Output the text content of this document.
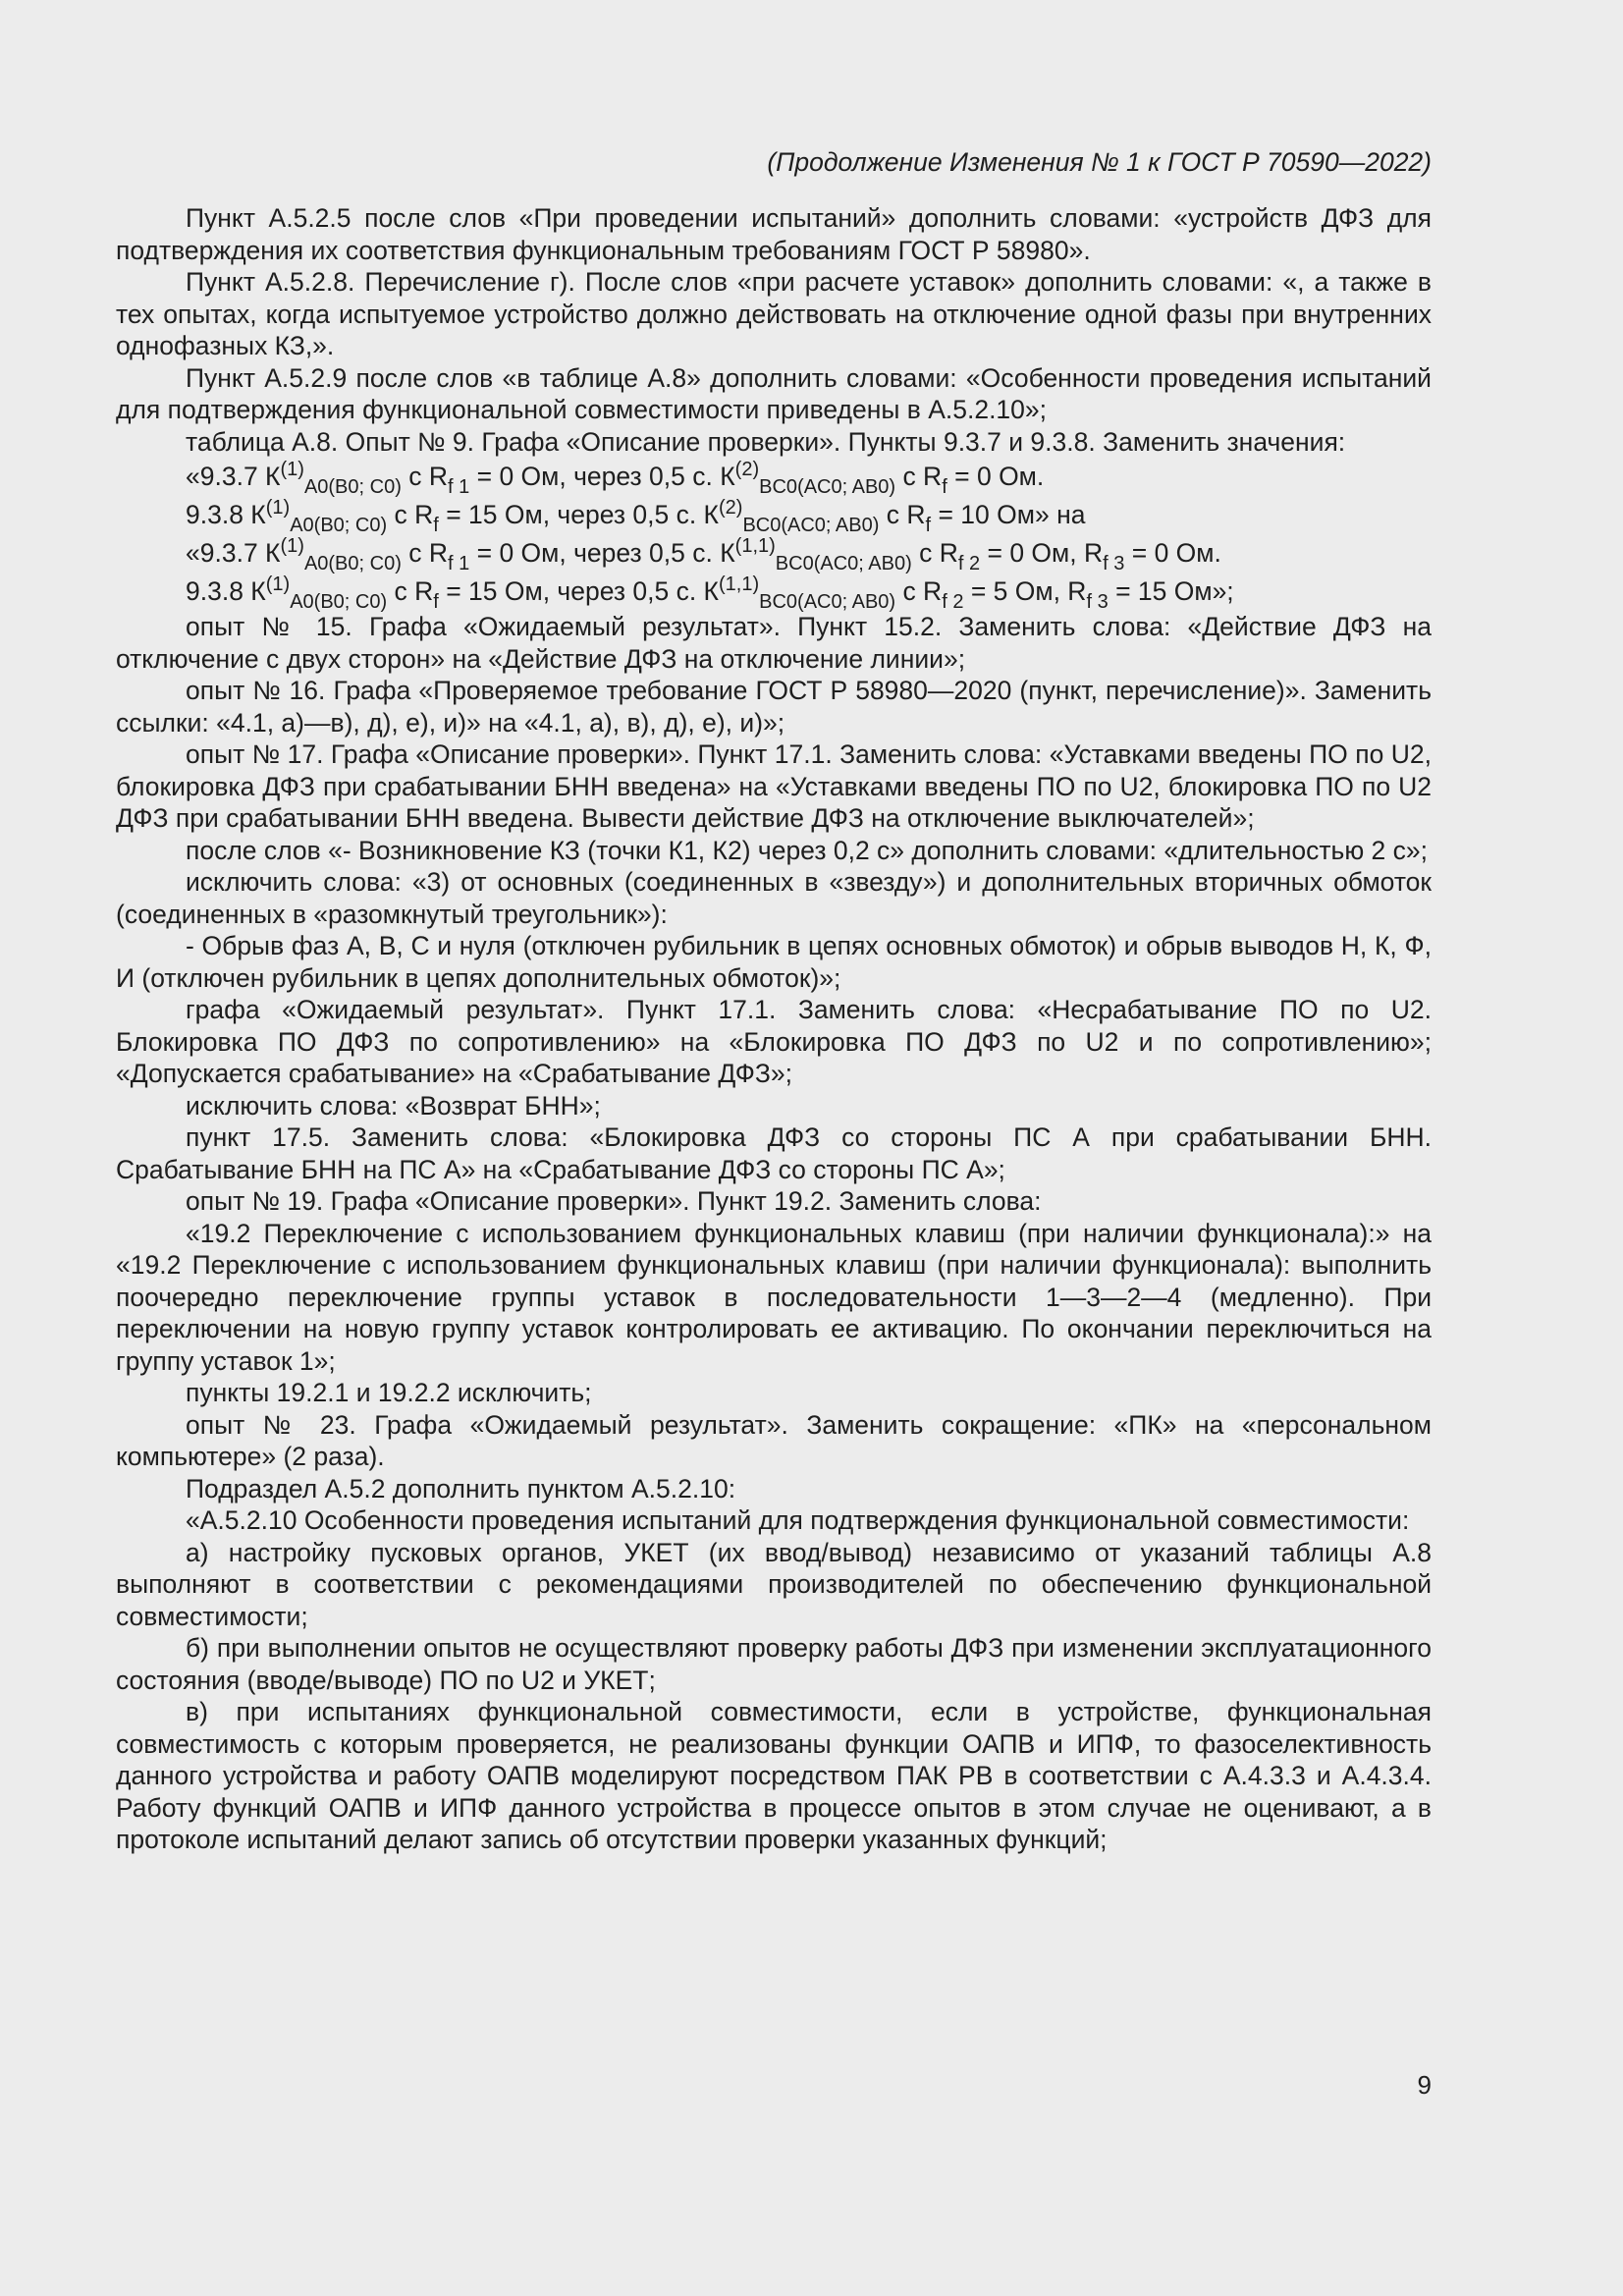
(Продолжение Изменения № 1 к ГОСТ Р 70590—2022)

Пункт А.5.2.5 после слов «При проведении испытаний» дополнить словами: «устройств ДФЗ для подтверждения их соответствия функциональным требованиям ГОСТ Р 58980».

Пункт А.5.2.8. Перечисление г). После слов «при расчете уставок» дополнить словами: «, а также в тех опытах, когда испытуемое устройство должно действовать на отключение одной фазы при внутренних однофазных КЗ,».

Пункт А.5.2.9 после слов «в таблице А.8» дополнить словами: «Особенности проведения испытаний для подтверждения функциональной совместимости приведены в А.5.2.10»;

таблица А.8. Опыт № 9. Графа «Описание проверки». Пункты 9.3.7 и 9.3.8. Заменить значения:

«9.3.7 $К^{(1)}_{A0(B0; C0)}$ с $R_{f 1} = 0$ Ом, через 0,5 с. $К^{(2)}_{BC0(AC0; AB0)}$ с $R_f = 0$ Ом.

9.3.8 $К^{(1)}_{A0(B0; C0)}$ с $R_f = 15$ Ом, через 0,5 с. $К^{(2)}_{BC0(AC0; AB0)}$ с $R_f = 10$ Ом» на

«9.3.7 $К^{(1)}_{A0(B0; C0)}$ с $R_{f 1} = 0$ Ом, через 0,5 с. К$^{(1,1)}_{BC0(AC0; AB0)}$ с $R_{f 2} = 0$ Ом, $R_{f 3} = 0$ Ом.

9.3.8 $К^{(1)}_{A0(B0; C0)}$ с $R_f = 15$ Ом, через 0,5 с. К$^{(1,1)}_{BC0(AC0; AB0)}$ с $R_{f 2} = 5$ Ом, $R_{f 3} = 15$ Ом»;

опыт № 15. Графа «Ожидаемый результат». Пункт 15.2. Заменить слова: «Действие ДФЗ на отключение с двух сторон» на «Действие ДФЗ на отключение линии»;

опыт № 16. Графа «Проверяемое требование ГОСТ Р 58980—2020 (пункт, перечисление)». Заменить ссылки: «4.1, а)—в), д), е), и)» на «4.1, а), в), д), е), и)»;

опыт № 17. Графа «Описание проверки». Пункт 17.1. Заменить слова: «Уставками введены ПО по U2, блокировка ДФЗ при срабатывании БНН введена» на «Уставками введены ПО по U2, блокировка ПО по U2 ДФЗ при срабатывании БНН введена. Вывести действие ДФЗ на отключение выключателей»;

после слов «- Возникновение КЗ (точки К1, К2) через 0,2 с» дополнить словами: «длительностью 2 с»;

исключить слова: «3) от основных (соединенных в «звезду») и дополнительных вторичных обмоток (соединенных в «разомкнутый треугольник»):

- Обрыв фаз А, В, С и нуля (отключен рубильник в цепях основных обмоток) и обрыв выводов Н, К, Ф, И (отключен рубильник в цепях дополнительных обмоток)»;

графа «Ожидаемый результат». Пункт 17.1. Заменить слова: «Несрабатывание ПО по U2. Блокировка ПО ДФЗ по сопротивлению» на «Блокировка ПО ДФЗ по U2 и по сопротивлению»; «Допускается срабатывание» на «Срабатывание ДФЗ»;

исключить слова: «Возврат БНН»;

пункт 17.5. Заменить слова: «Блокировка ДФЗ со стороны ПС А при срабатывании БНН. Срабатывание БНН на ПС А» на «Срабатывание ДФЗ со стороны ПС А»;

опыт № 19. Графа «Описание проверки». Пункт 19.2. Заменить слова:

«19.2 Переключение с использованием функциональных клавиш (при наличии функционала):» на «19.2 Переключение с использованием функциональных клавиш (при наличии функционала): выполнить поочередно переключение группы уставок в последовательности 1—3—2—4 (медленно). При переключении на новую группу уставок контролировать ее активацию. По окончании переключиться на группу уставок 1»;

пункты 19.2.1 и 19.2.2 исключить;

опыт № 23. Графа «Ожидаемый результат». Заменить сокращение: «ПК» на «персональном компьютере» (2 раза).

Подраздел А.5.2 дополнить пунктом А.5.2.10:

«А.5.2.10 Особенности проведения испытаний для подтверждения функциональной совместимости:

а) настройку пусковых органов, УКЕТ (их ввод/вывод) независимо от указаний таблицы А.8 выполняют в соответствии с рекомендациями производителей по обеспечению функциональной совместимости;

б) при выполнении опытов не осуществляют проверку работы ДФЗ при изменении эксплуатационного состояния (вводе/выводе) ПО по U2 и УКЕТ;

в) при испытаниях функциональной совместимости, если в устройстве, функциональная совместимость с которым проверяется, не реализованы функции ОАПВ и ИПФ, то фазоселективность данного устройства и работу ОАПВ моделируют посредством ПАК РВ в соответствии с А.4.3.3 и А.4.3.4. Работу функций ОАПВ и ИПФ данного устройства в процессе опытов в этом случае не оценивают, а в протоколе испытаний делают запись об отсутствии проверки указанных функций;

9
